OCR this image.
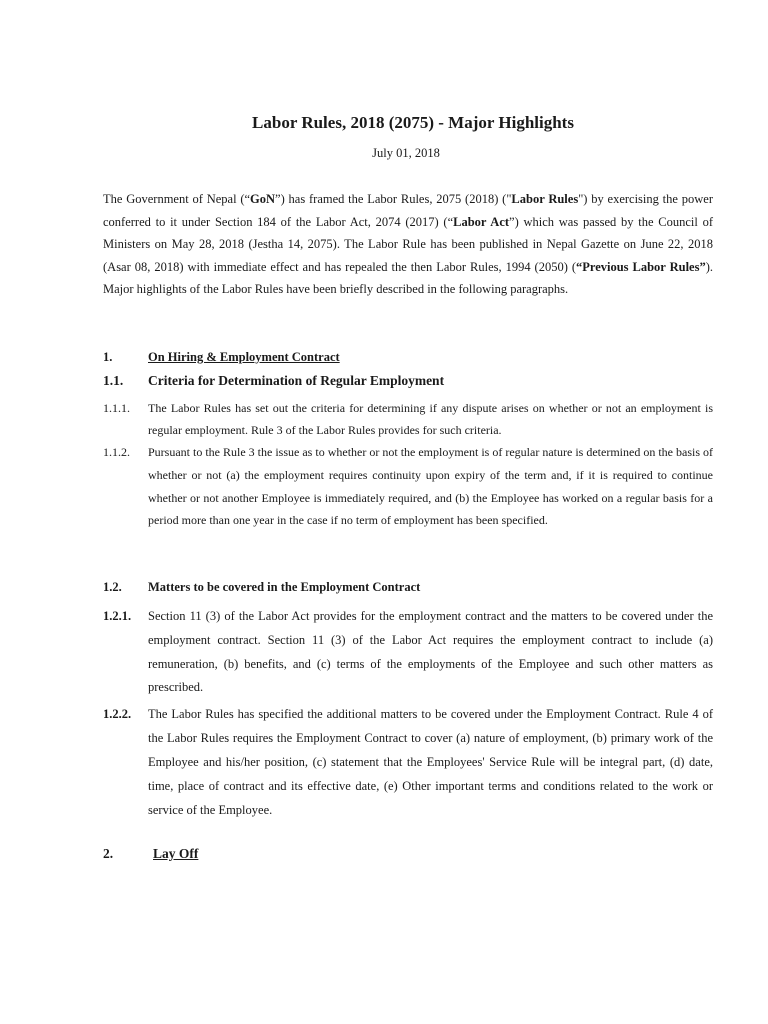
Labor Rules, 2018 (2075) - Major Highlights
July 01, 2018

The Government of Nepal (“GoN”) has framed the Labor Rules, 2075 (2018) ("Labor Rules") by exercising the power conferred to it under Section 184 of the Labor Act, 2074 (2017) (“Labor Act”) which was passed by the Council of Ministers on May 28, 2018 (Jestha 14, 2075). The Labor Rule has been published in Nepal Gazette on June 22, 2018 (Asar 08, 2018) with immediate effect and has repealed the then Labor Rules, 1994 (2050) (“Previous Labor Rules”). Major highlights of the Labor Rules have been briefly described in the following paragraphs.

1.	On Hiring & Employment Contract
1.1. Criteria for Determination of Regular Employment
1.1.1.	The Labor Rules has set out the criteria for determining if any dispute arises on whether or not an employment is regular employment. Rule 3 of the Labor Rules provides for such criteria.
1.1.2.	Pursuant to the Rule 3 the issue as to whether or not the employment is of regular nature is determined on the basis of whether or not (a) the employment requires continuity upon expiry of the term and, if it is required to continue whether or not another Employee is immediately required, and (b) the Employee has worked on a regular basis for a period more than one year in the case if no term of employment has been specified.
1.2. Matters to be covered in the Employment Contract
1.2.1.	Section 11 (3) of the Labor Act provides for the employment contract and the matters to be covered under the employment contract. Section 11 (3) of the Labor Act requires the employment contract to include (a) remuneration, (b) benefits, and (c) terms of the employments of the Employee and such other matters as prescribed.
1.2.2.	The Labor Rules has specified the additional matters to be covered under the Employment Contract. Rule 4 of the Labor Rules requires the Employment Contract to cover (a) nature of employment, (b) primary work of the Employee and his/her position, (c) statement that the Employees' Service Rule will be integral part, (d) date, time, place of contract and its effective date, (e) Other important terms and conditions related to the work or service of the Employee.
2.	Lay Off
